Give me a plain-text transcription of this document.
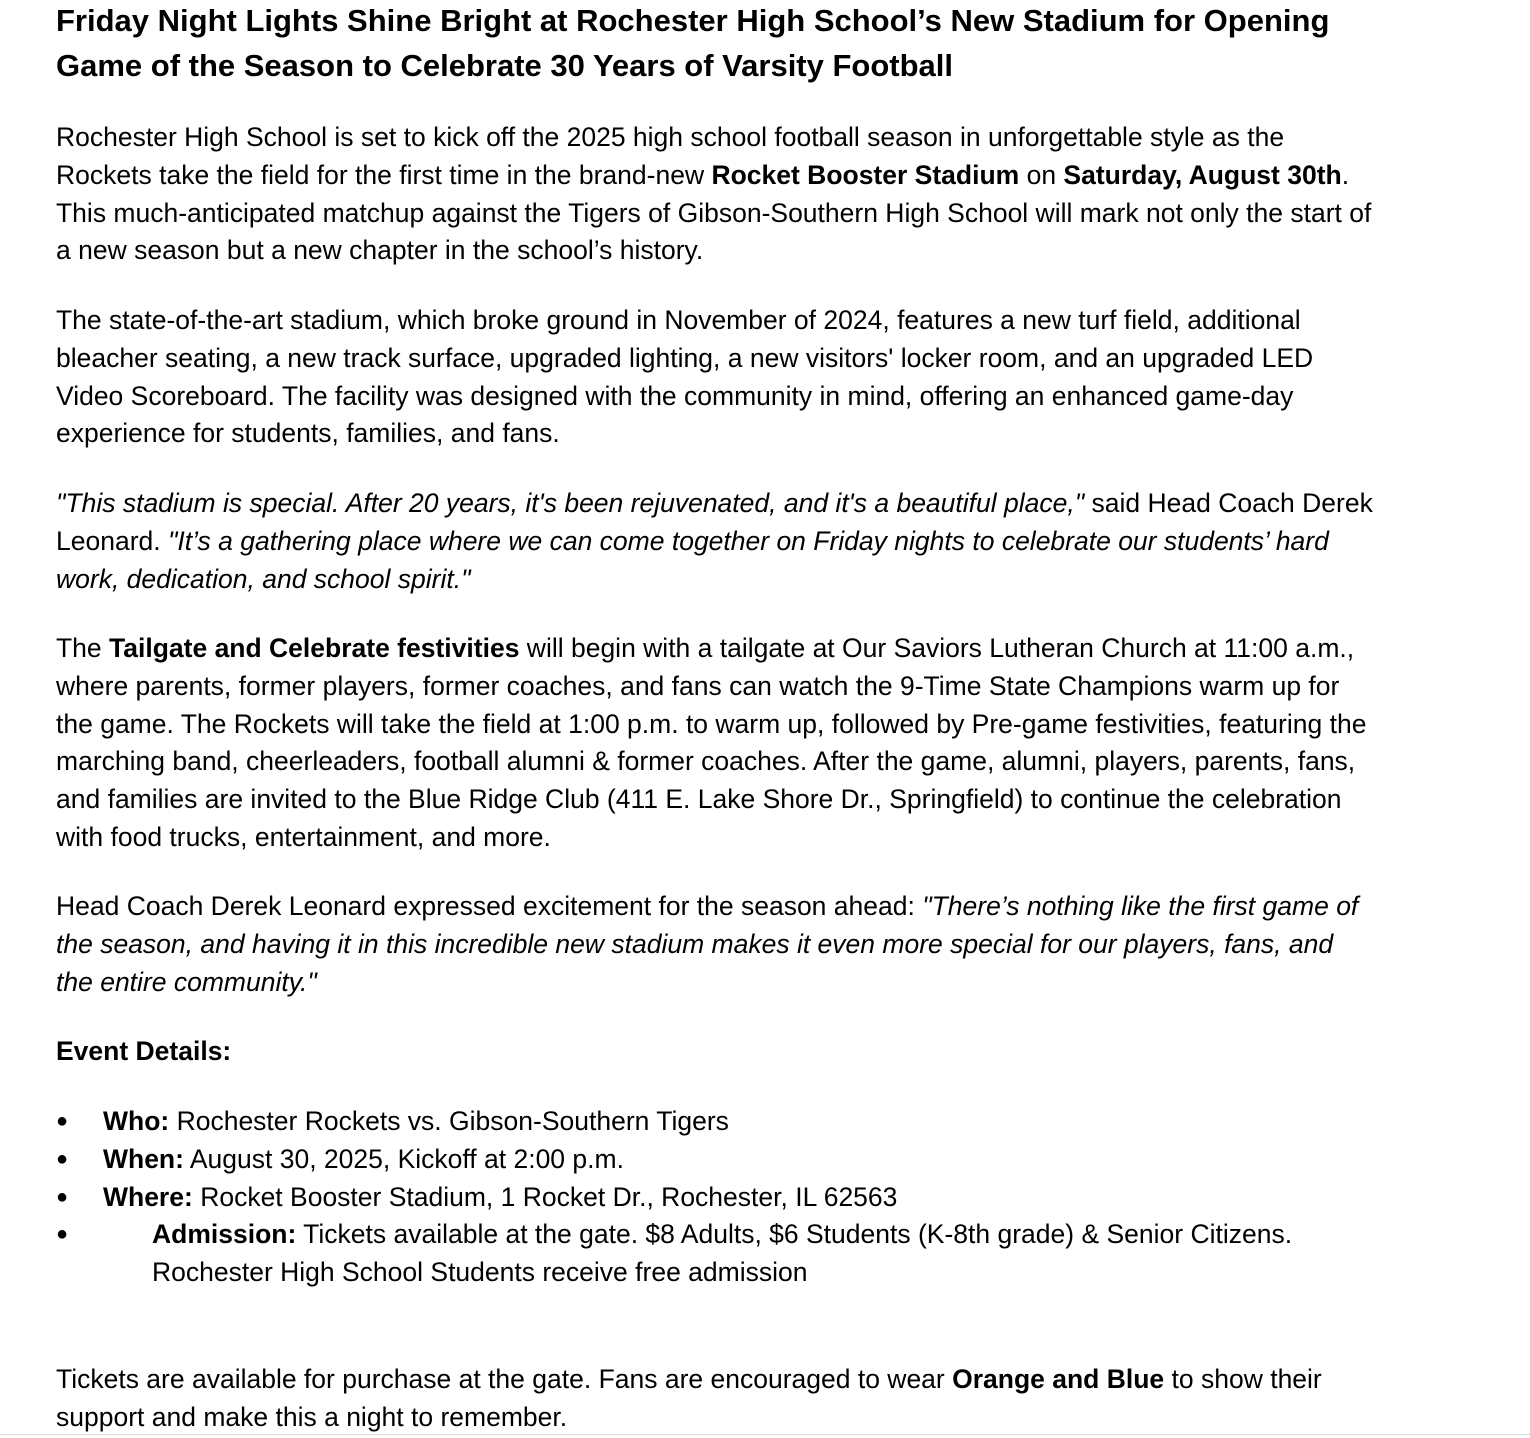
Friday Night Lights Shine Bright at Rochester High School’s New Stadium for Opening Game of the Season to Celebrate 30 Years of Varsity Football

Rochester High School is set to kick off the 2025 high school football season in unforgettable style as the Rockets take the field for the first time in the brand-new Rocket Booster Stadium on Saturday, August 30th. This much-anticipated matchup against the Tigers of Gibson-Southern High School will mark not only the start of a new season but a new chapter in the school’s history.

The state-of-the-art stadium, which broke ground in November of 2024, features a new turf field, additional bleacher seating, a new track surface, upgraded lighting, a new visitors' locker room, and an upgraded LED Video Scoreboard. The facility was designed with the community in mind, offering an enhanced game-day experience for students, families, and fans.

"This stadium is special. After 20 years, it's been rejuvenated, and it's a beautiful place," said Head Coach Derek Leonard. "It’s a gathering place where we can come together on Friday nights to celebrate our students’ hard work, dedication, and school spirit."

The Tailgate and Celebrate festivities will begin with a tailgate at Our Saviors Lutheran Church at 11:00 a.m., where parents, former players, former coaches, and fans can watch the 9-Time State Champions warm up for the game. The Rockets will take the field at 1:00 p.m. to warm up, followed by Pre-game festivities, featuring the marching band, cheerleaders, football alumni & former coaches. After the game, alumni, players, parents, fans, and families are invited to the Blue Ridge Club (411 E. Lake Shore Dr., Springfield) to continue the celebration with food trucks, entertainment, and more.

Head Coach Derek Leonard expressed excitement for the season ahead: "There’s nothing like the first game of the season, and having it in this incredible new stadium makes it even more special for our players, fans, and the entire community."

Event Details:

● Who: Rochester Rockets vs. Gibson-Southern Tigers
● When: August 30, 2025, Kickoff at 2:00 p.m.
● Where: Rocket Booster Stadium, 1 Rocket Dr., Rochester, IL 62563
●	Admission: Tickets available at the gate. $8 Adults, $6 Students (K-8th grade) & Senior Citizens. Rochester High School Students receive free admission

Tickets are available for purchase at the gate. Fans are encouraged to wear Orange and Blue to show their support and make this a night to remember.
